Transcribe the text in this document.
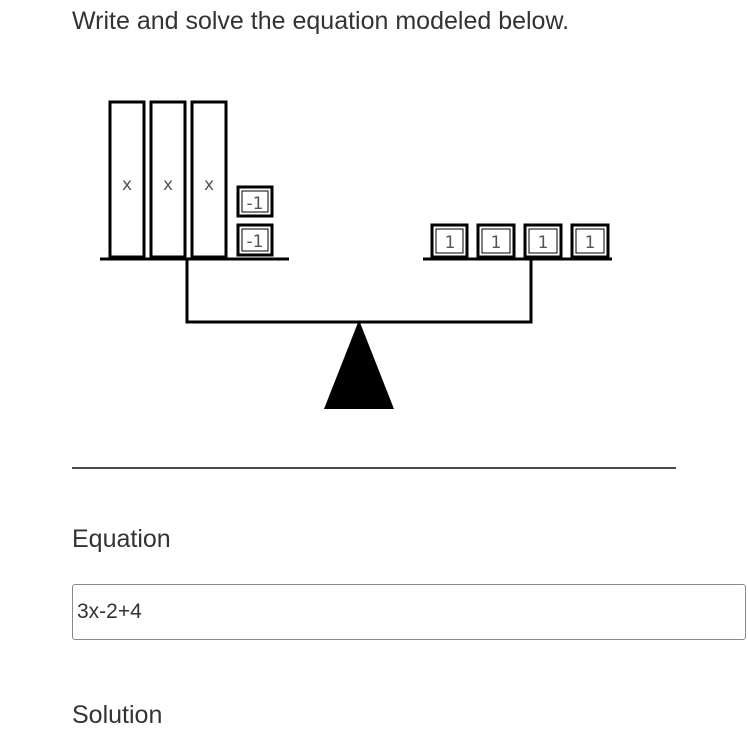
Write and solve the equation modeled below.
x x x
-1
-1	1 1 1 1
Equation
3x-2+4
Solution
